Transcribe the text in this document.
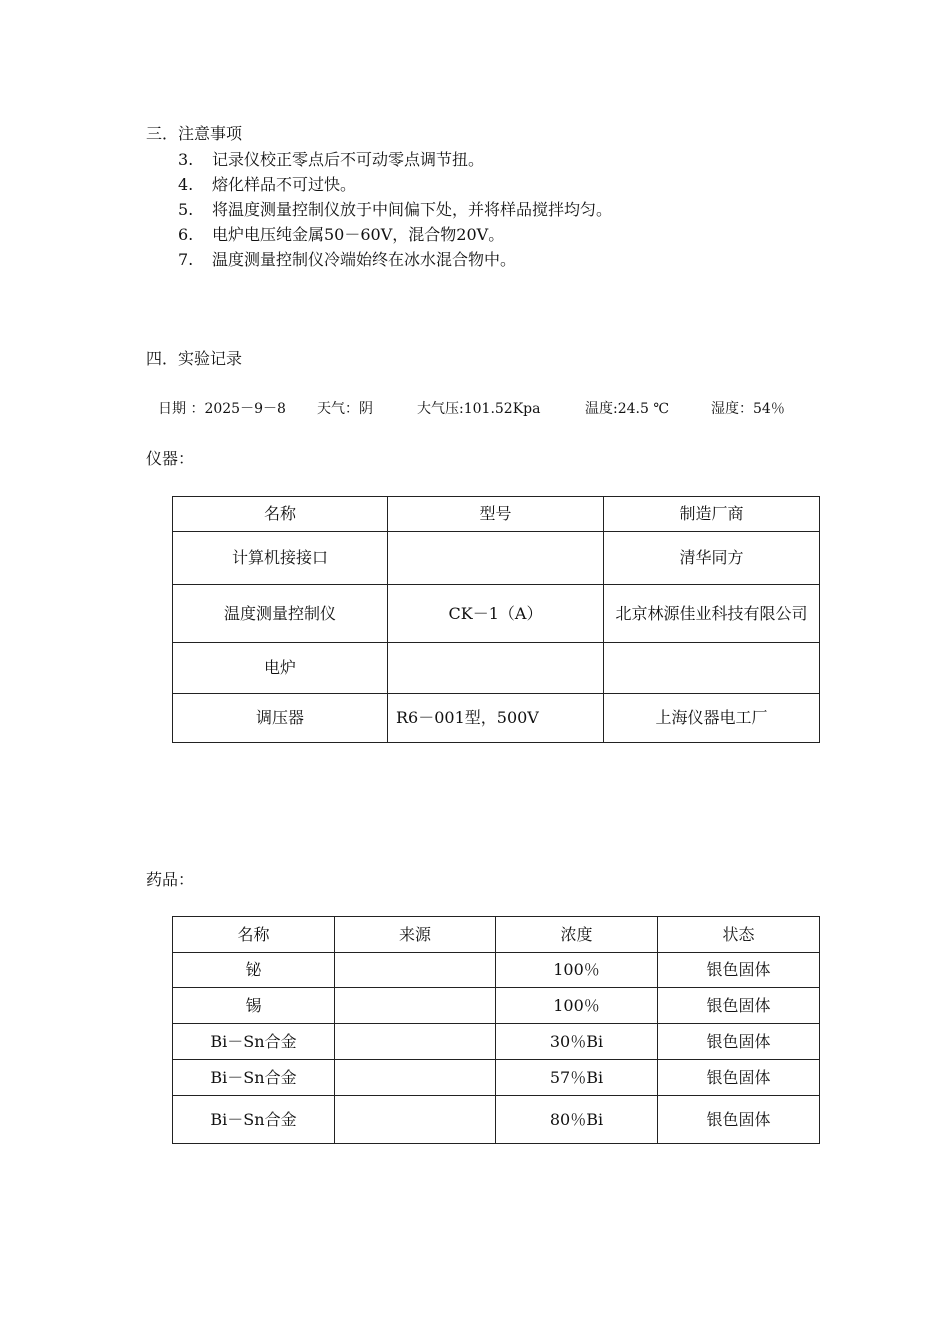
三．注意事项
3. 记录仪校正零点后不可动零点调节扭。
4. 熔化样品不可过快。
5. 将温度测量控制仪放于中间偏下处，并将样品搅拌均匀。
6. 电炉电压纯金属50－60V，混合物20V。
7. 温度测量控制仪冷端始终在冰水混合物中。
四．实验记录
日期 ：2025－9－8 天气：阴	大气压:101.52Kpa	温度:24.5 ℃	湿度：54％
仪器：
名称	型号	制造厂商
计算机接接口		清华同方
温度测量控制仪	CK－1（A）	北京林源佳业科技有限公司
电炉		
调压器	R6－001型，500V	上海仪器电工厂
药品：
名称	来源	浓度	状态
铋		100％	银色固体
锡		100％	银色固体
Bi－Sn合金		30％Bi	银色固体
Bi－Sn合金		57％Bi	银色固体
Bi－Sn合金		80％Bi	银色固体
